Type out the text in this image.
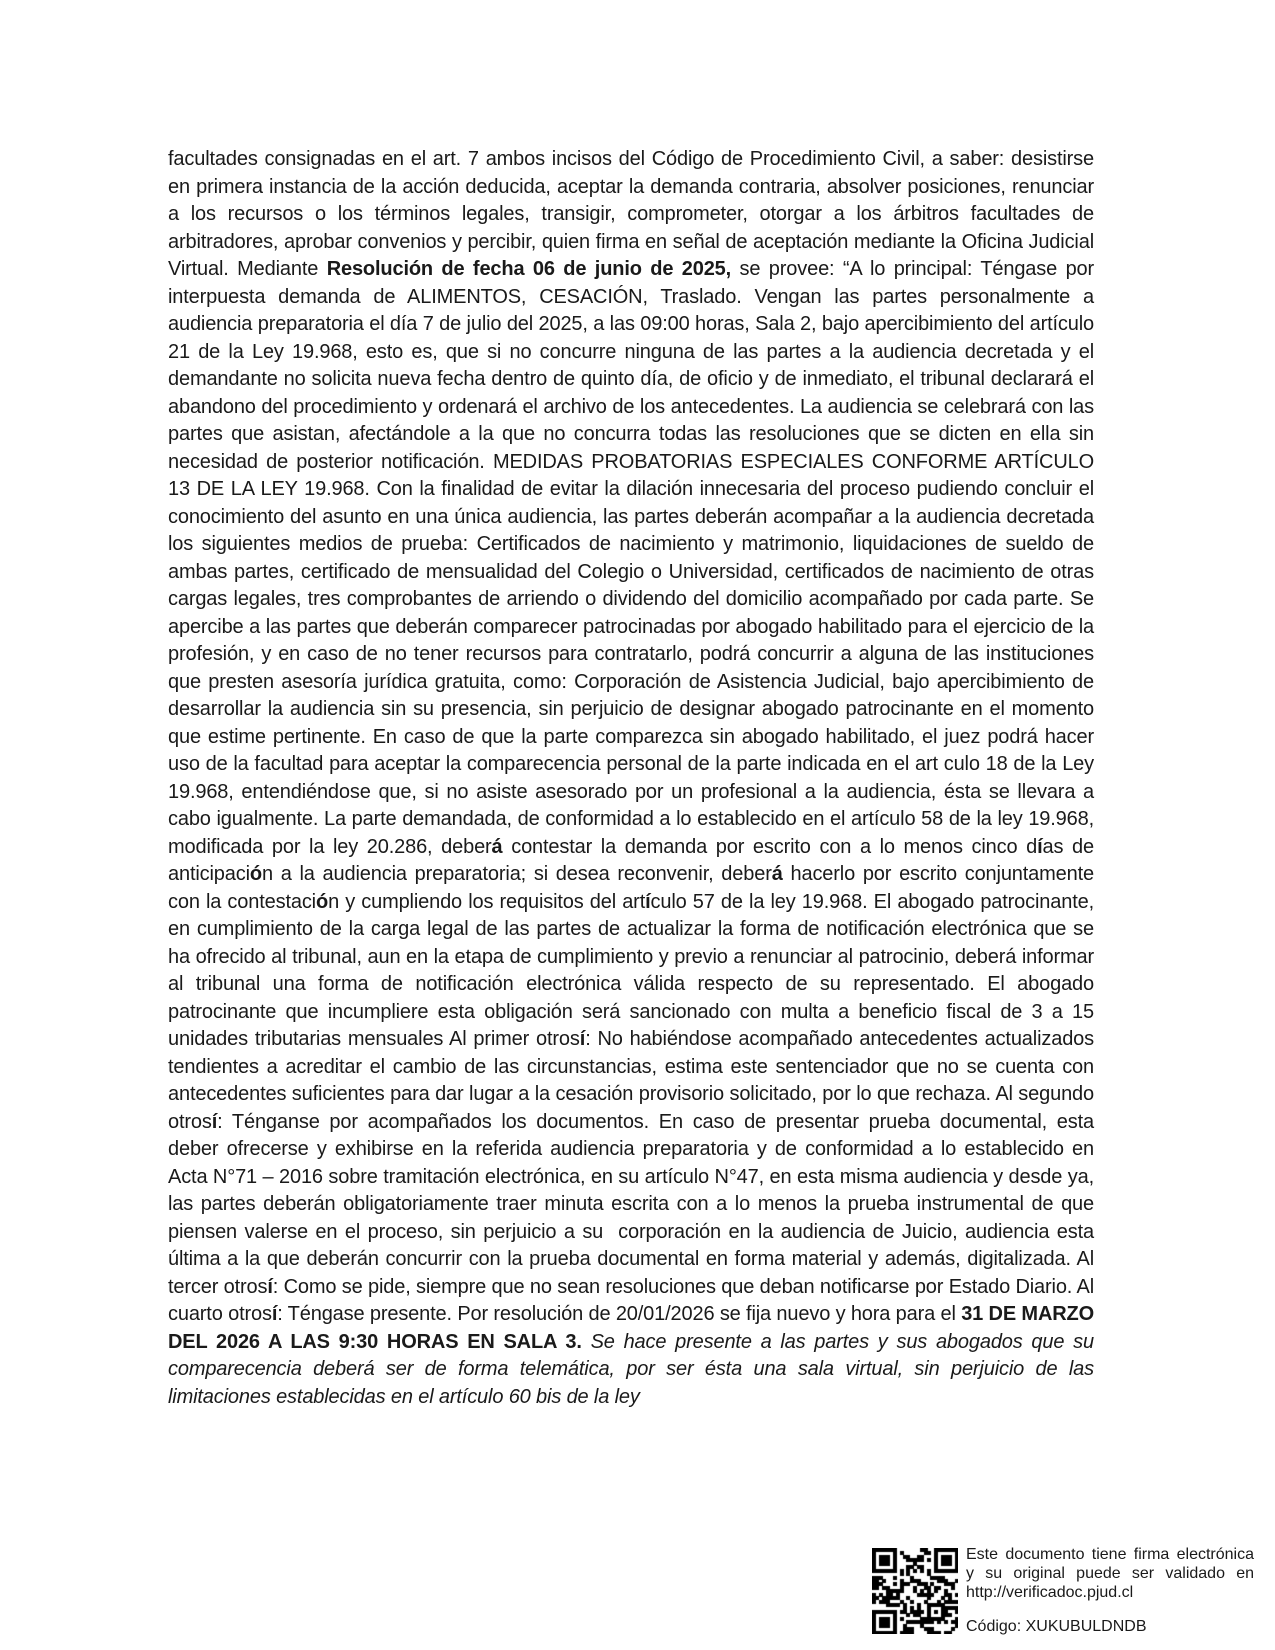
facultades consignadas en el art. 7 ambos incisos del Código de Procedimiento Civil, a saber: desistirse en primera instancia de la acción deducida, aceptar la demanda contraria, absolver posiciones, renunciar a los recursos o los términos legales, transigir, comprometer, otorgar a los árbitros facultades de arbitradores, aprobar convenios y percibir, quien firma en señal de aceptación mediante la Oficina Judicial Virtual. Mediante Resolución de fecha 06 de junio de 2025, se provee: “A lo principal: Téngase por interpuesta demanda de ALIMENTOS, CESACIÓN, Traslado. Vengan las partes personalmente a audiencia preparatoria el día 7 de julio del 2025, a las 09:00 horas, Sala 2, bajo apercibimiento del artículo 21 de la Ley 19.968, esto es, que si no concurre ninguna de las partes a la audiencia decretada y el demandante no solicita nueva fecha dentro de quinto día, de oficio y de inmediato, el tribunal declarará el abandono del procedimiento y ordenará el archivo de los antecedentes. La audiencia se celebrará con las partes que asistan, afectándole a la que no concurra todas las resoluciones que se dicten en ella sin necesidad de posterior notificación. MEDIDAS PROBATORIAS ESPECIALES CONFORME ARTÍCULO 13 DE LA LEY 19.968. Con la finalidad de evitar la dilación innecesaria del proceso pudiendo concluir el conocimiento del asunto en una única audiencia, las partes deberán acompañar a la audiencia decretada los siguientes medios de prueba: Certificados de nacimiento y matrimonio, liquidaciones de sueldo de ambas partes, certificado de mensualidad del Colegio o Universidad, certificados de nacimiento de otras cargas legales, tres comprobantes de arriendo o dividendo del domicilio acompañado por cada parte. Se apercibe a las partes que deberán comparecer patrocinadas por abogado habilitado para el ejercicio de la profesión, y en caso de no tener recursos para contratarlo, podrá concurrir a alguna de las instituciones que presten asesoría jurídica gratuita, como: Corporación de Asistencia Judicial, bajo apercibimiento de desarrollar la audiencia sin su presencia, sin perjuicio de designar abogado patrocinante en el momento que estime pertinente. En caso de que la parte comparezca sin abogado habilitado, el juez podrá hacer uso de la facultad para aceptar la comparecencia personal de la parte indicada en el art culo 18 de la Ley 19.968, entendiéndose que, si no asiste asesorado por un profesional a la audiencia, ésta se llevara a cabo igualmente. La parte demandada, de conformidad a lo establecido en el artículo 58 de la ley 19.968, modificada por la ley 20.286, deberá contestar la demanda por escrito con a lo menos cinco días de anticipación a la audiencia preparatoria; si desea reconvenir, deberá hacerlo por escrito conjuntamente con la contestación y cumpliendo los requisitos del artículo 57 de la ley 19.968. El abogado patrocinante, en cumplimiento de la carga legal de las partes de actualizar la forma de notificación electrónica que se ha ofrecido al tribunal, aun en la etapa de cumplimiento y previo a renunciar al patrocinio, deberá informar al tribunal una forma de notificación electrónica válida respecto de su representado. El abogado patrocinante que incumpliere esta obligación será sancionado con multa a beneficio fiscal de 3 a 15 unidades tributarias mensuales Al primer otrosí: No habiéndose acompañado antecedentes actualizados tendientes a acreditar el cambio de las circunstancias, estima este sentenciador que no se cuenta con antecedentes suficientes para dar lugar a la cesación provisorio solicitado, por lo que rechaza. Al segundo otrosí: Ténganse por acompañados los documentos. En caso de presentar prueba documental, esta deber ofrecerse y exhibirse en la referida audiencia preparatoria y de conformidad a lo establecido en Acta N°71 – 2016 sobre tramitación electrónica, en su artículo N°47, en esta misma audiencia y desde ya, las partes deberán obligatoriamente traer minuta escrita con a lo menos la prueba instrumental de que piensen valerse en el proceso, sin perjuicio a su  corporación en la audiencia de Juicio, audiencia esta última a la que deberán concurrir con la prueba documental en forma material y además, digitalizada. Al tercer otrosí: Como se pide, siempre que no sean resoluciones que deban notificarse por Estado Diario. Al cuarto otrosí: Téngase presente. Por resolución de 20/01/2026 se fija nuevo y hora para el 31 DE MARZO DEL 2026 A LAS 9:30 HORAS EN SALA 3. Se hace presente a las partes y sus abogados que su comparecencia deberá ser de forma telemática, por ser ésta una sala virtual, sin perjuicio de las limitaciones establecidas en el artículo 60 bis de la ley
Este documento tiene firma electrónica
y su original puede ser validado en
http://verificadoc.pjud.cl
Código: XUKUBULDNDB
